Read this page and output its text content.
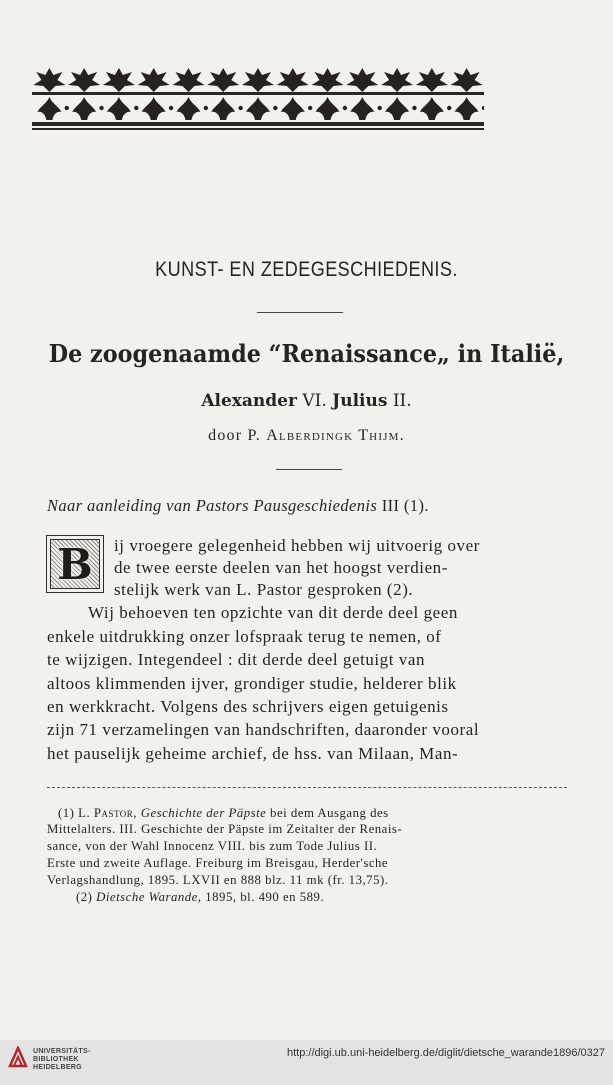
KUNST- EN ZEDEGESCHIEDENIS.
De zoogenaamde “Renaissance„ in Italië,
Alexander VI. Julius II.
door P. Alberdingk Thijm.
Naar aanleiding van Pastors Pausgeschiedenis III (1).
B	ij vroegere gelegenheid hebben wij uitvoerig over
de twee eerste deelen van het hoogst verdien-
stelijk werk van L. Pastor gesproken (2).
Wij behoeven ten opzichte van dit derde deel geen
enkele uitdrukking onzer lofspraak terug te nemen, of
te wijzigen. Integendeel : dit derde deel getuigt van
altoos klimmenden ijver, grondiger studie, helderer blik
en werkkracht. Volgens des schrijvers eigen getuigenis
zijn 71 verzamelingen van handschriften, daaronder vooral
het pauselijk geheime archief, de hss. van Milaan, Man-
(1) L. Pastor, Geschichte der Päpste bei dem Ausgang des
Mittelalters. III. Geschichte der Päpste im Zeitalter der Renais-
sance, von der Wahl Innocenz VIII. bis zum Tode Julius II.
Erste und zweite Auflage. Freiburg im Breisgau, Herder'sche
Verlagshandlung, 1895. LXVII en 888 blz. 11 mk (fr. 13,75).
(2) Dietsche Warande, 1895, bl. 490 en 589.
UNIVERSITÄTS-
BIBLIOTHEK
HEIDELBERG
http://digi.ub.uni-heidelberg.de/diglit/dietsche_warande1896/0327
